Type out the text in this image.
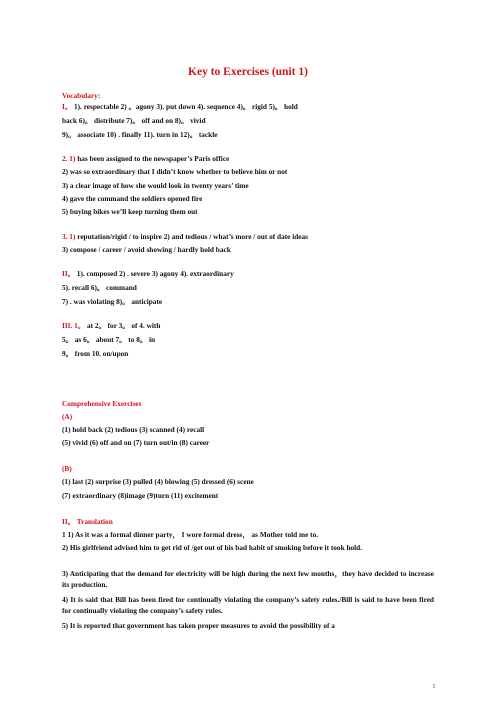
Key to Exercises (unit 1)
Vocabulary:
I。 1). respectable 2) 。agony 3). put down 4). sequence 4)。 rigid 5)。 hold
back 6)。 distribute 7)。 off and on 8)。 vivid
9)。 associate 10) . finally 11). turn in 12)。 tackle
2. 1) has been assigned to the newspaper’s Paris office
2) was so extraordinary that I didn’t know whether to believe him or not
3) a clear image of how she would look in twenty years’ time
4) gave the command the soldiers opened fire
5) buying bikes we’ll keep turning them out
3. 1) reputation/rigid / to inspire 2) and tedious / what’s more / out of date ideas
3) compose / career / avoid showing / hardly hold back
II。 1). composed 2) . severe 3) agony 4). extraordinary
5). recall 6)。 command
7) . was violating 8)。 anticipate
III. 1。 at 2。 for 3。 of 4. with
5。 as 6。 about 7。 to 8。 in
9。 from 10. on/upon
Comprehensive Exercises
(A)
(1) hold back (2) tedious (3) scanned (4) recall
(5) vivid (6) off and on (7) turn out/in (8) career
(B)
(1) last (2) surprise (3) pulled (4) blowing (5) dressed (6) scene
(7) extraordinary (8)image (9)turn (11) excitement
II。 Translation
1 1) As it was a formal dinner party， I wore formal dress， as Mother told me to.
2) His girlfriend advised him to get rid of /get out of his bad habit of smoking before it took hold.
3) Anticipating that the demand for electricity will be high during the next few months，they have decided to increase its production.
4) It is said that Bill has been fired for continually violating the company’s safety rules./Bill is said to have been fired for continually violating the company’s safety rules.
5) It is reported that government has taken proper measures to avoid the possibility of a
1
